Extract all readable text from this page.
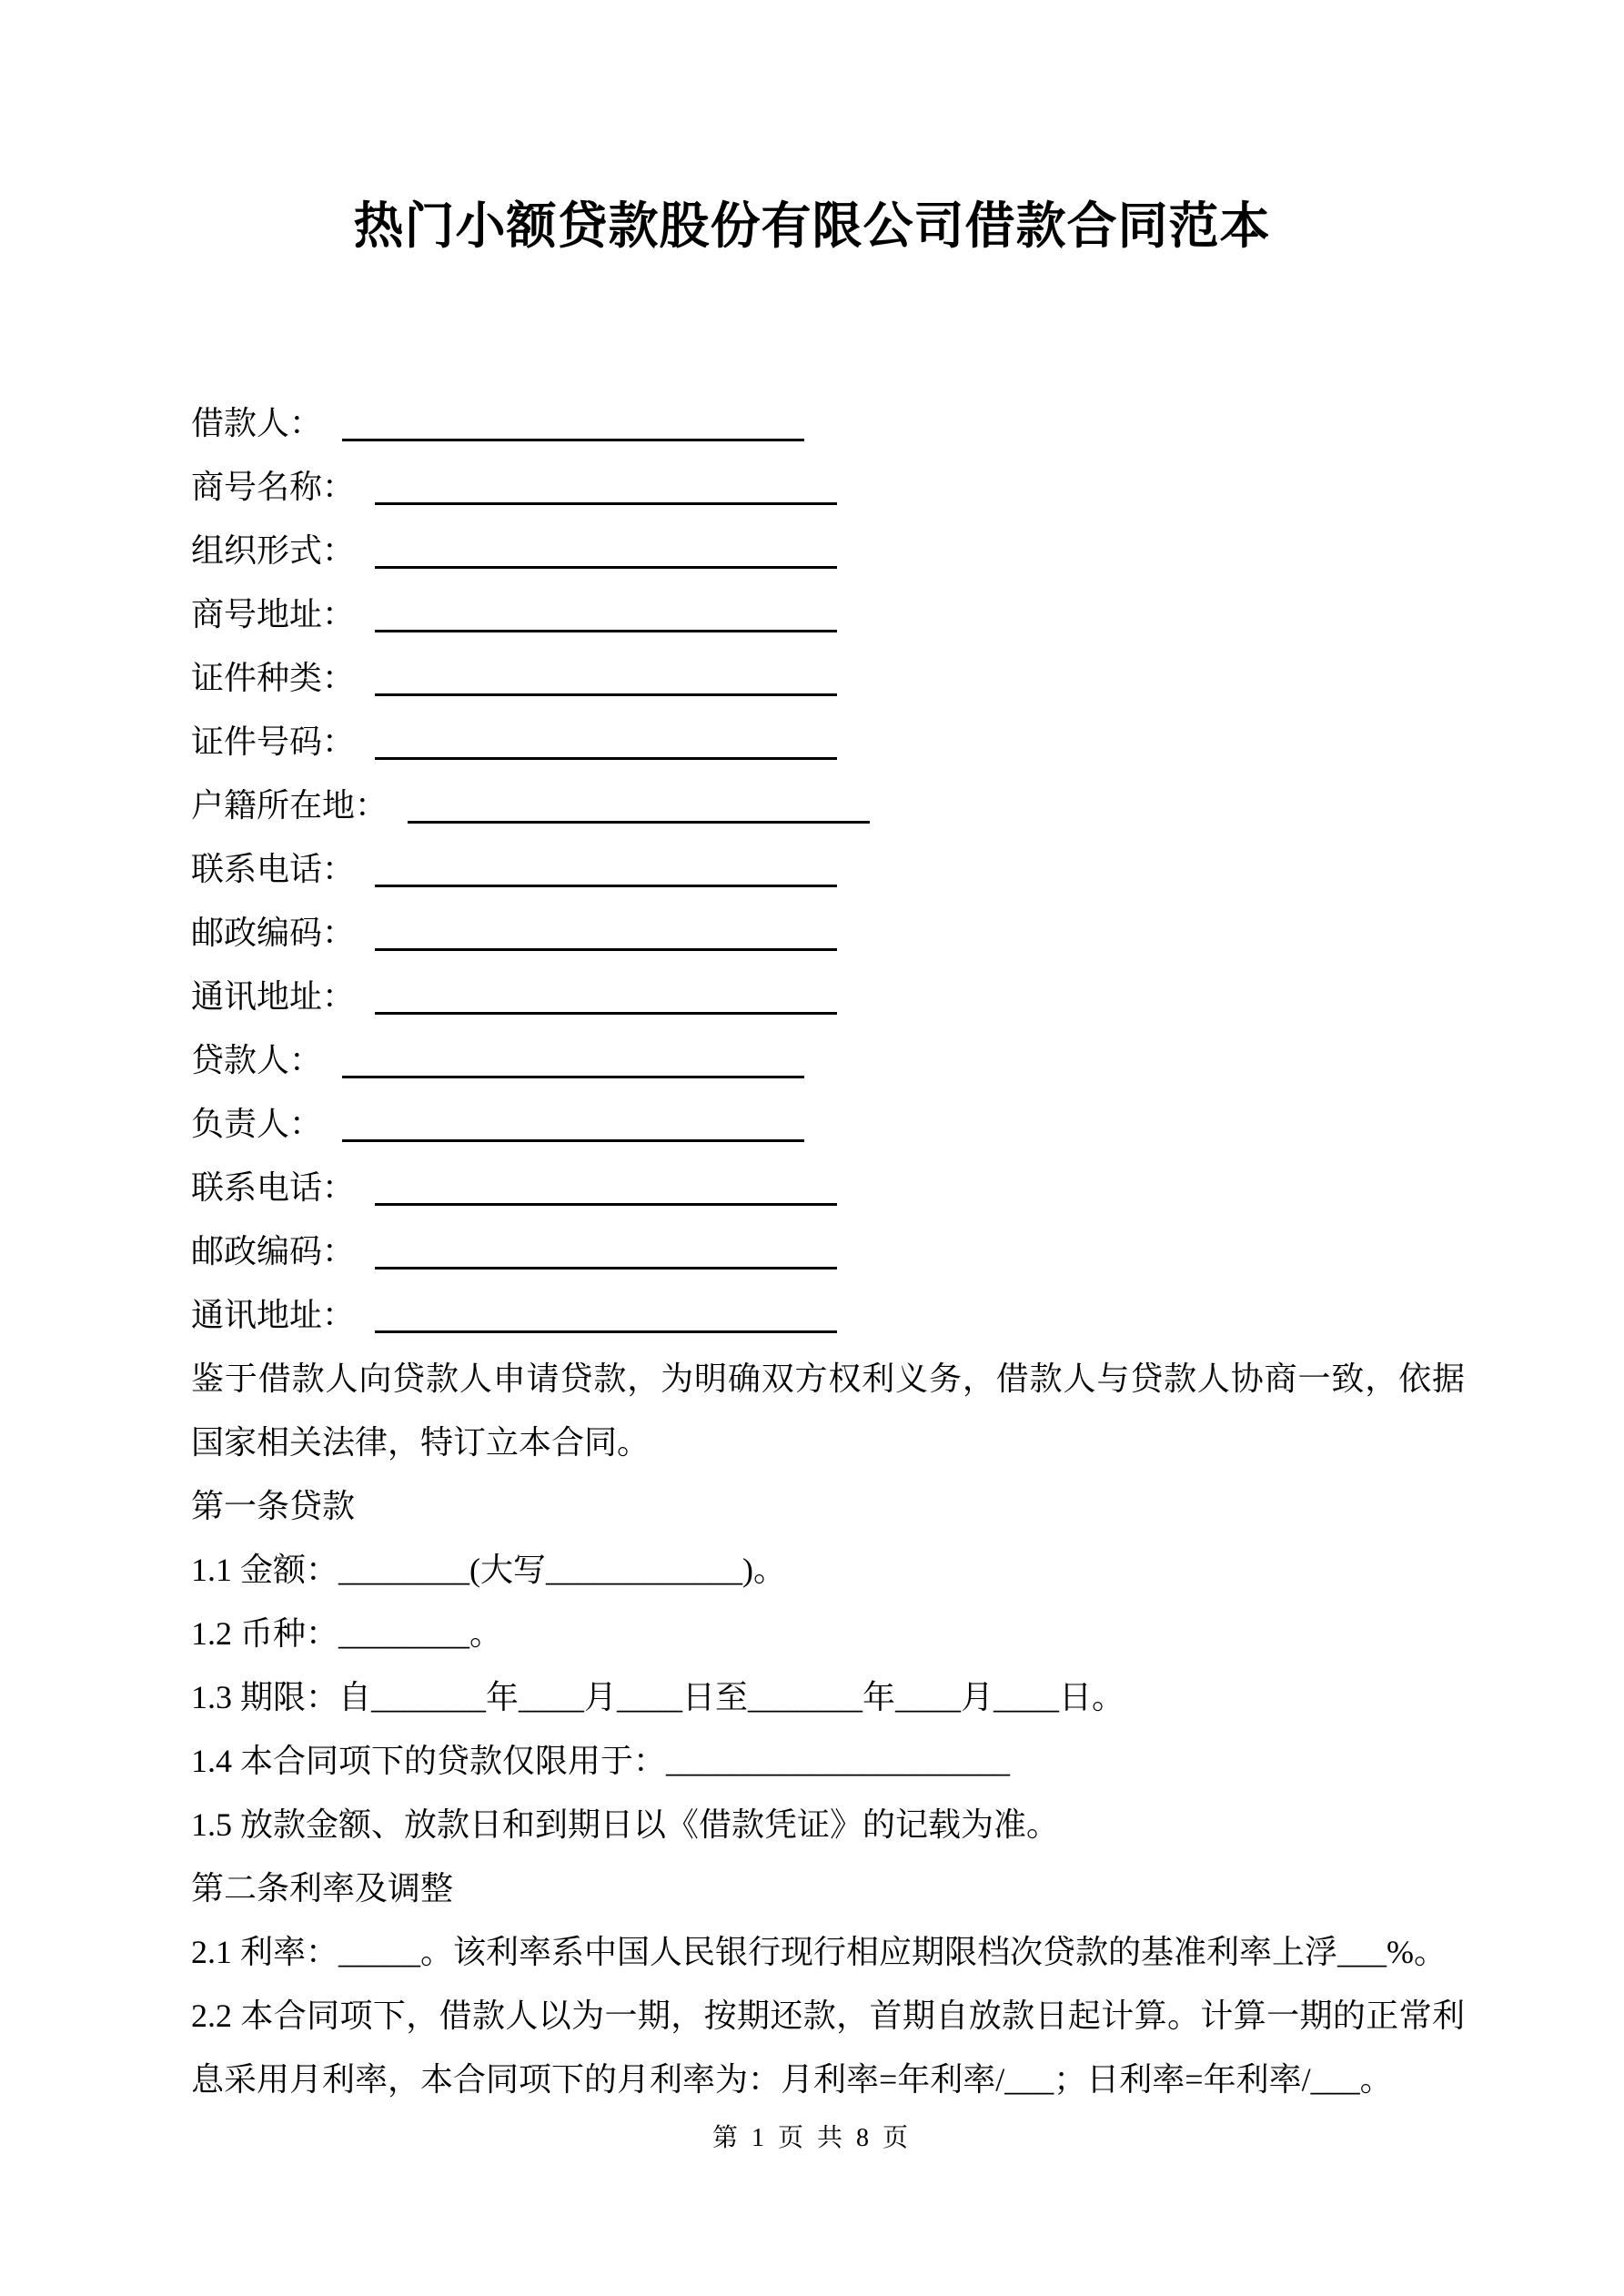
热门小额贷款股份有限公司借款合同范本
借款人：
商号名称：
组织形式：
商号地址：
证件种类：
证件号码：
户籍所在地：
联系电话：
邮政编码：
通讯地址：
贷款人：
负责人：
联系电话：
邮政编码：
通讯地址：

鉴于借款人向贷款人申请贷款，为明确双方权利义务，借款人与贷款人协商一致，依据国家相关法律，特订立本合同。

第一条贷款

1.1 金额：________(大写____________)。

1.2 币种：________。

1.3 期限：自_______年____月____日至_______年____月____日。

1.4 本合同项下的贷款仅限用于：_____________________

1.5 放款金额、放款日和到期日以《借款凭证》的记载为准。

第二条利率及调整

2.1 利率：_____。该利率系中国人民银行现行相应期限档次贷款的基准利率上浮___%。

2.2 本合同项下，借款人以为一期，按期还款，首期自放款日起计算。计算一期的正常利息采用月利率，本合同项下的月利率为：月利率=年利率/___；日利率=年利率/___。

第 1 页 共 8 页
